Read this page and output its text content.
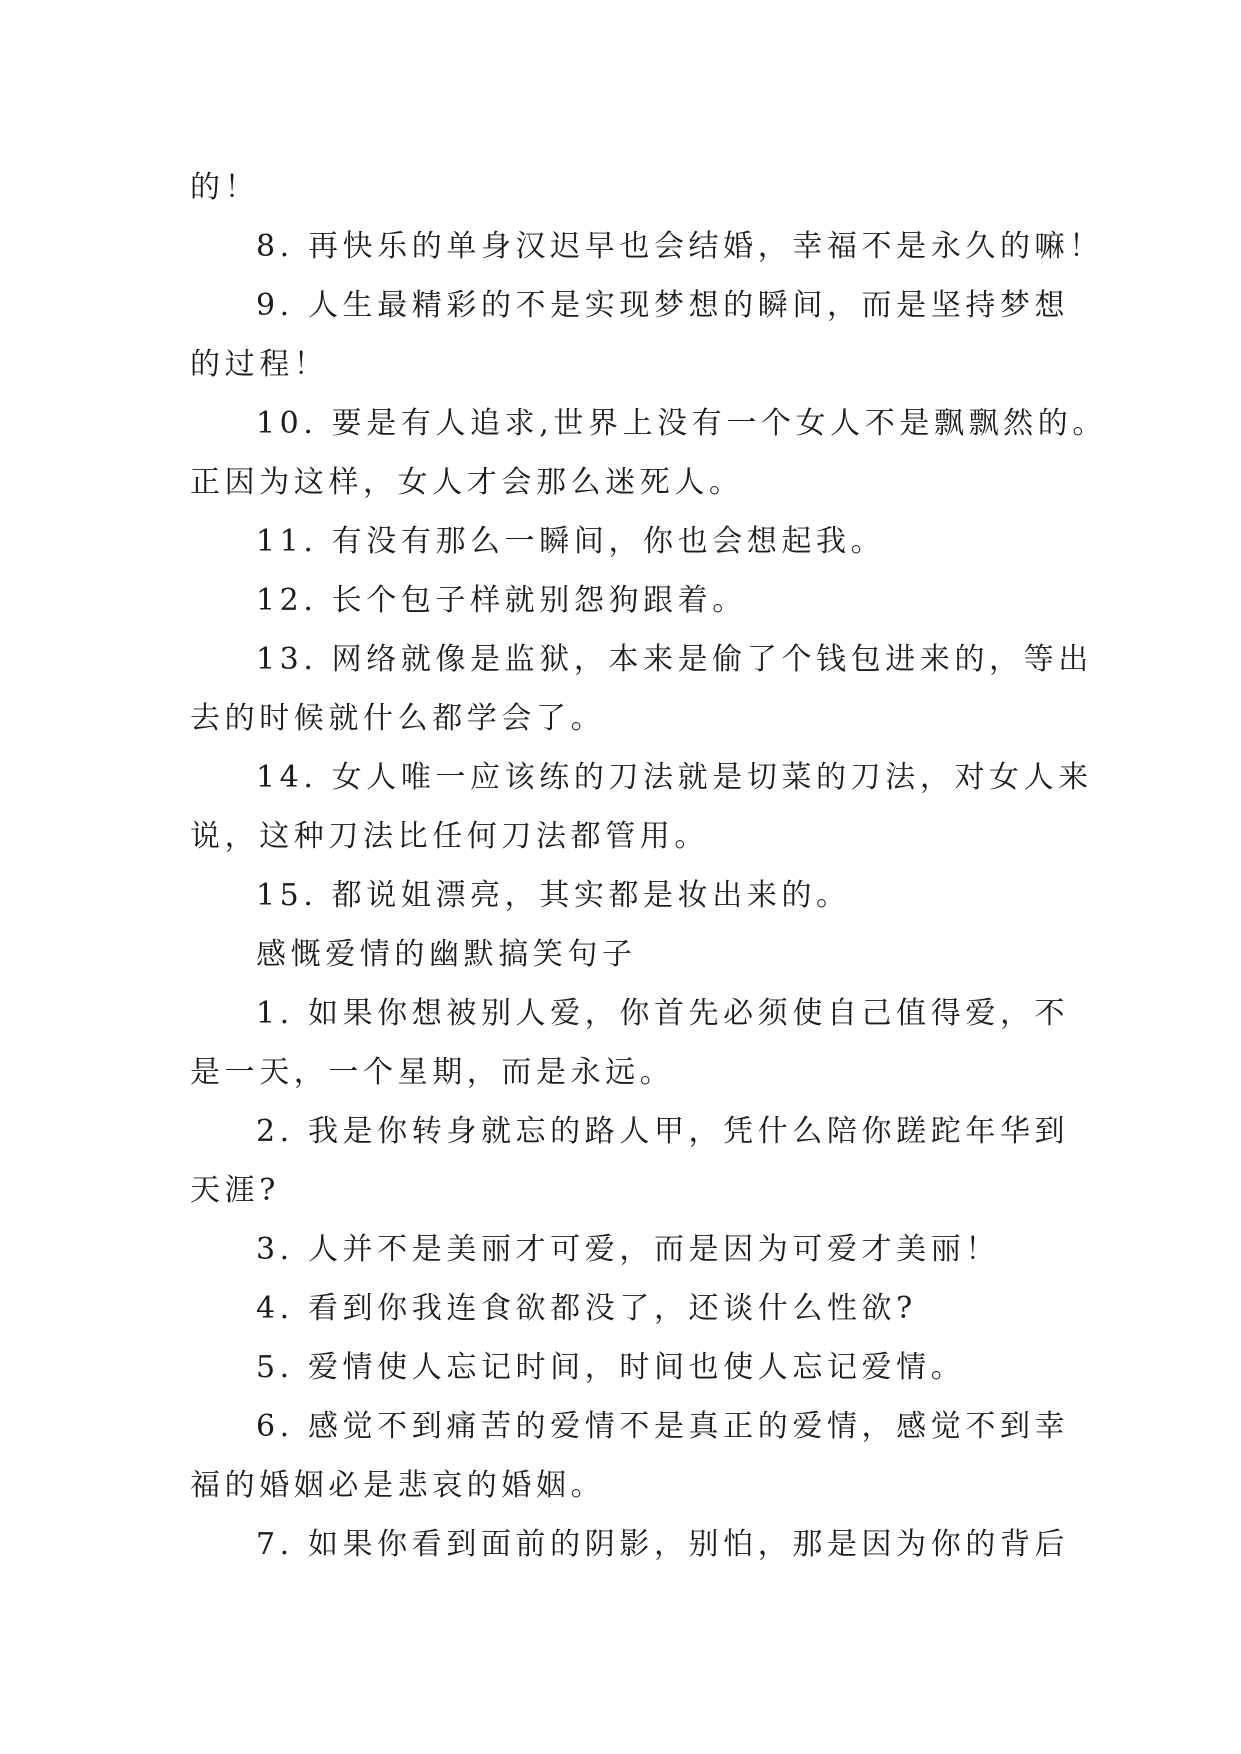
的！
8. 再快乐的单身汉迟早也会结婚，幸福不是永久的嘛！
9. 人生最精彩的不是实现梦想的瞬间，而是坚持梦想
的过程！
10. 要是有人追求,世界上没有一个女人不是飘飘然的。
正因为这样，女人才会那么迷死人。
11. 有没有那么一瞬间，你也会想起我。
12. 长个包子样就别怨狗跟着。
13. 网络就像是监狱，本来是偷了个钱包进来的，等出
去的时候就什么都学会了。
14. 女人唯一应该练的刀法就是切菜的刀法，对女人来
说，这种刀法比任何刀法都管用。
15. 都说姐漂亮，其实都是妆出来的。
感慨爱情的幽默搞笑句子
1. 如果你想被别人爱，你首先必须使自己值得爱，不
是一天，一个星期，而是永远。
2. 我是你转身就忘的路人甲，凭什么陪你蹉跎年华到
天涯?
3. 人并不是美丽才可爱，而是因为可爱才美丽！
4. 看到你我连食欲都没了，还谈什么性欲?
5. 爱情使人忘记时间，时间也使人忘记爱情。
6. 感觉不到痛苦的爱情不是真正的爱情，感觉不到幸
福的婚姻必是悲哀的婚姻。
7. 如果你看到面前的阴影，别怕，那是因为你的背后
